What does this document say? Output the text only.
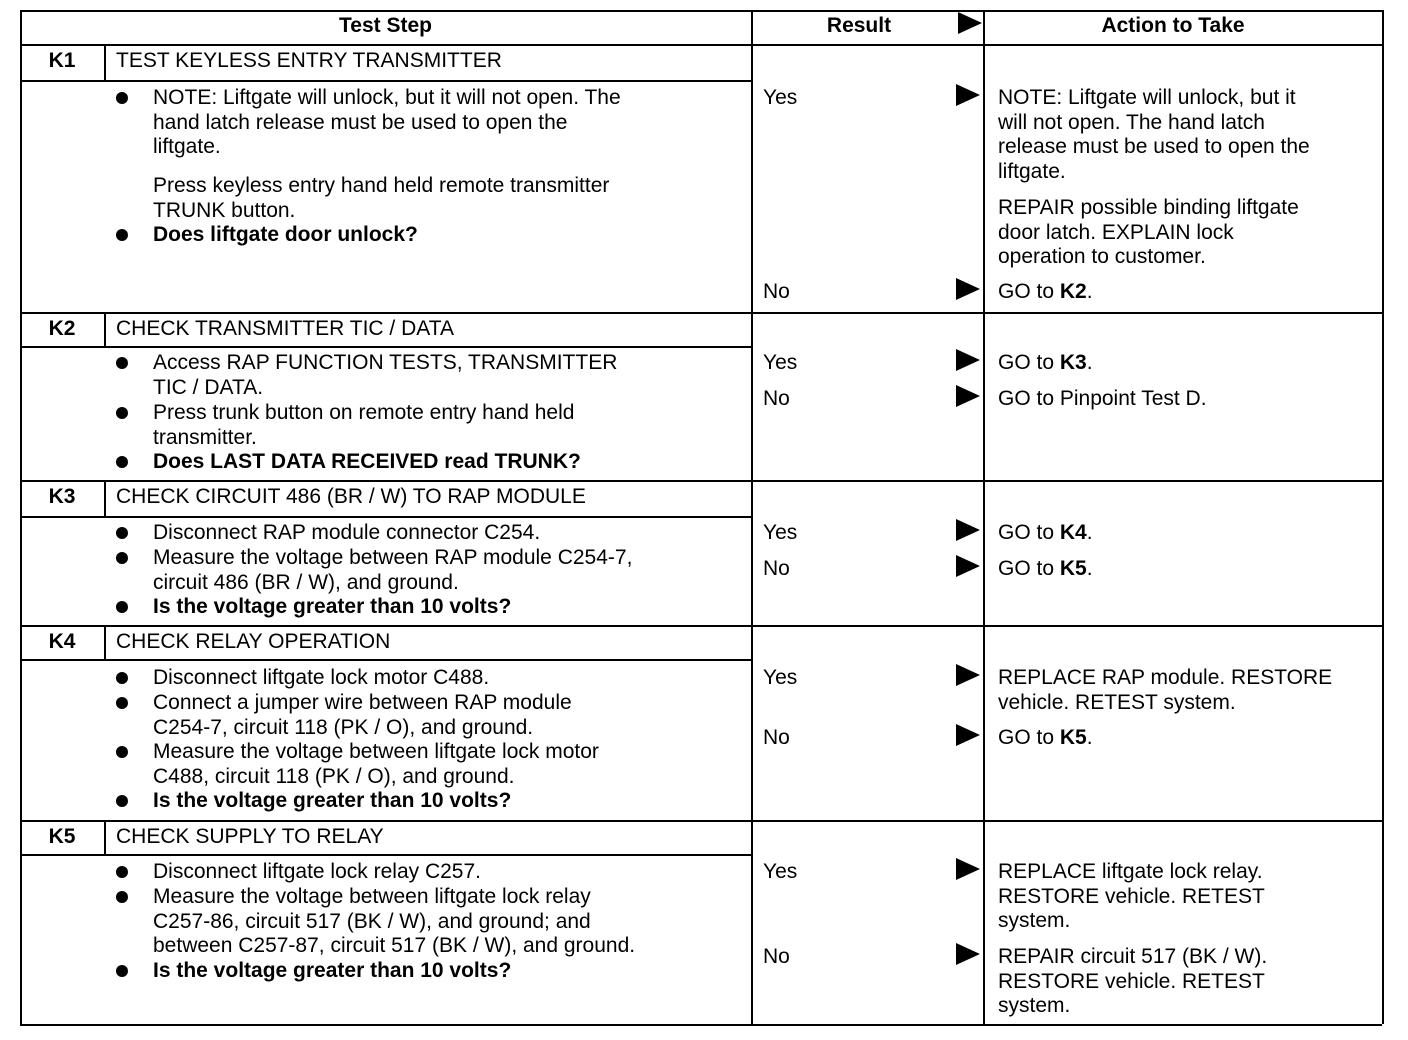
Test Step	Result	Action to Take
K1	TEST KEYLESS ENTRY TRANSMITTER
NOTE: Liftgate will unlock, but it will not open. The
hand latch release must be used to open the
liftgate.
Press keyless entry hand held remote transmitter
TRUNK button.
Does liftgate door unlock?
Yes	NOTE: Liftgate will unlock, but it
will not open. The hand latch
release must be used to open the
liftgate.
REPAIR possible binding liftgate
door latch. EXPLAIN lock
operation to customer.
No	GO to K2.
K2	CHECK TRANSMITTER TIC / DATA
Access RAP FUNCTION TESTS, TRANSMITTER
TIC / DATA.
Press trunk button on remote entry hand held
transmitter.
Does LAST DATA RECEIVED read TRUNK?
Yes	GO to K3.
No	GO to Pinpoint Test D.
K3	CHECK CIRCUIT 486 (BR / W) TO RAP MODULE
Disconnect RAP module connector C254.
Measure the voltage between RAP module C254-7,
circuit 486 (BR / W), and ground.
Is the voltage greater than 10 volts?
Yes	GO to K4.
No	GO to K5.
K4	CHECK RELAY OPERATION
Disconnect liftgate lock motor C488.
Connect a jumper wire between RAP module
C254-7, circuit 118 (PK / O), and ground.
Measure the voltage between liftgate lock motor
C488, circuit 118 (PK / O), and ground.
Is the voltage greater than 10 volts?
Yes	REPLACE RAP module. RESTORE
vehicle. RETEST system.
No	GO to K5.
K5	CHECK SUPPLY TO RELAY
Disconnect liftgate lock relay C257.
Measure the voltage between liftgate lock relay
C257-86, circuit 517 (BK / W), and ground; and
between C257-87, circuit 517 (BK / W), and ground.
Is the voltage greater than 10 volts?
Yes	REPLACE liftgate lock relay.
RESTORE vehicle. RETEST
system.
No	REPAIR circuit 517 (BK / W).
RESTORE vehicle. RETEST
system.
